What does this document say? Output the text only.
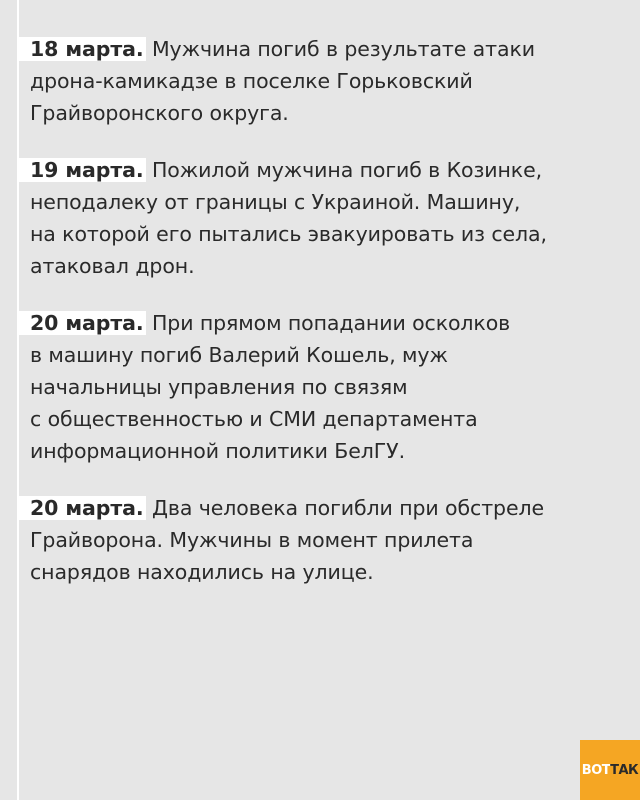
18 марта. Мужчина погиб в результате атаки
дрона-камикадзе в поселке Горьковский
Грайворонского округа.

19 марта. Пожилой мужчина погиб в Козинке,
неподалеку от границы с Украиной. Машину,
на которой его пытались эвакуировать из села,
атаковал дрон.

20 марта. При прямом попадании осколков
в машину погиб Валерий Кошель, муж
начальницы управления по связям
с общественностью и СМИ департамента
информационной политики БелГУ.

20 марта. Два человека погибли при обстреле
Грайворона. Мужчины в момент прилета
снарядов находились на улице.

ВОТ ТАК
